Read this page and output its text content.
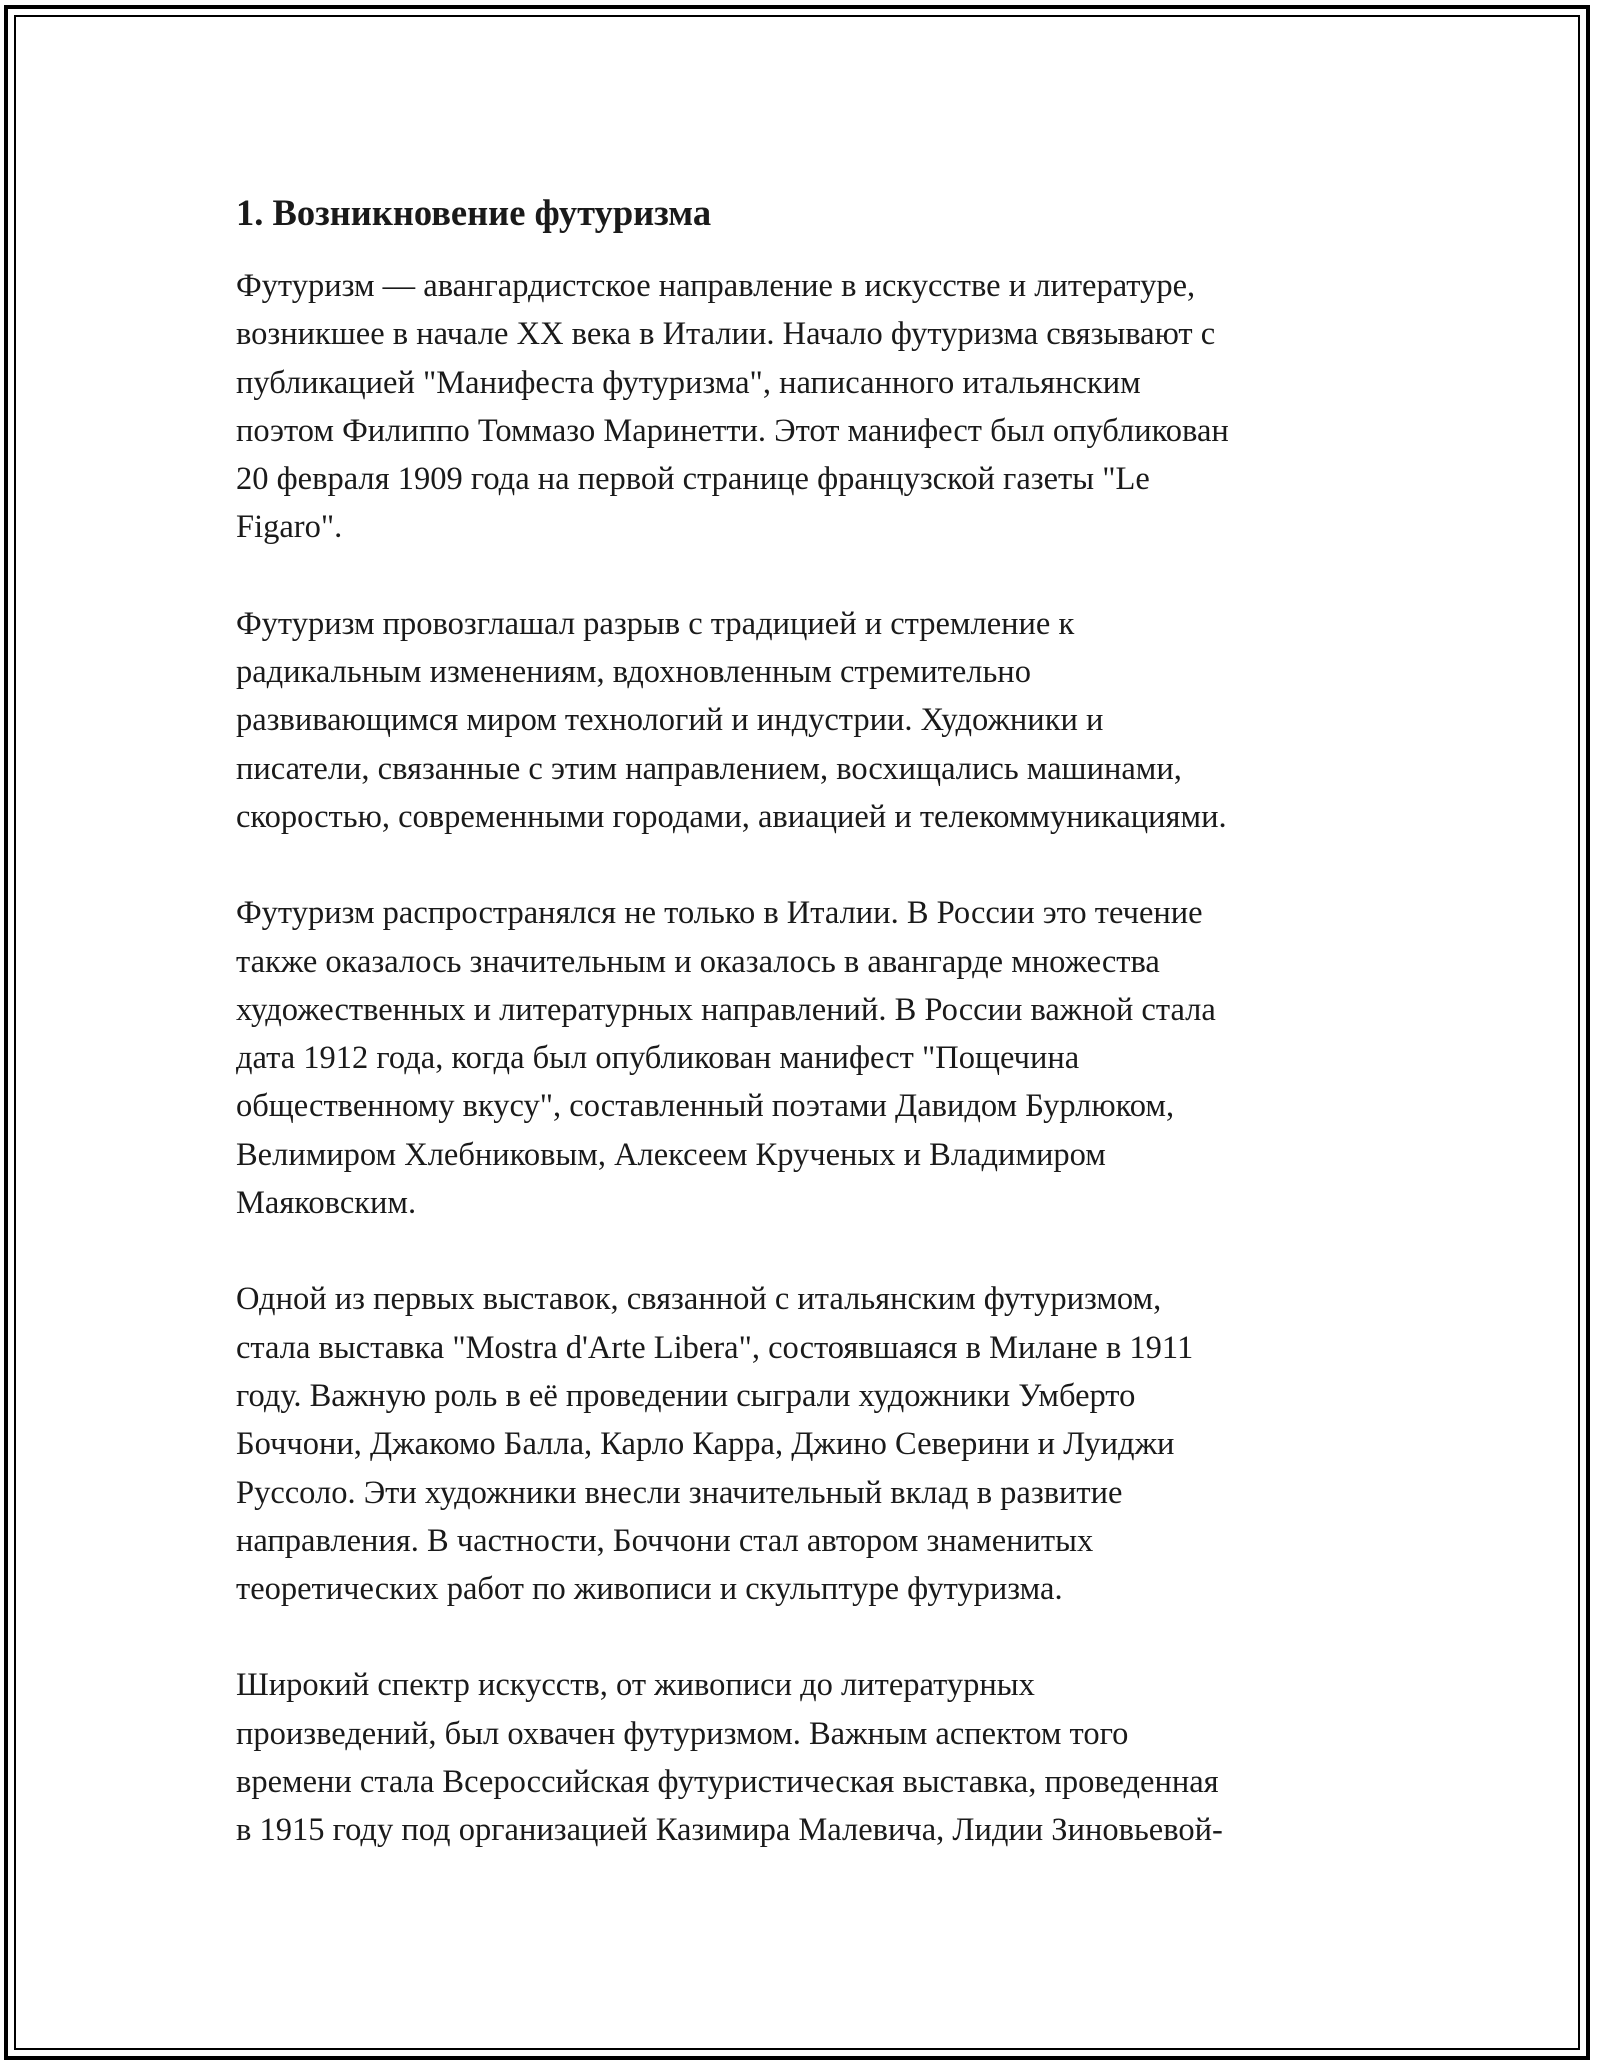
1. Возникновение футуризма

Футуризм — авангардистское направление в искусстве и литературе,
возникшее в начале XX века в Италии. Начало футуризма связывают с
публикацией "Манифеста футуризма", написанного итальянским
поэтом Филиппо Томмазо Маринетти. Этот манифест был опубликован
20 февраля 1909 года на первой странице французской газеты "Le
Figaro".

Футуризм провозглашал разрыв с традицией и стремление к
радикальным изменениям, вдохновленным стремительно
развивающимся миром технологий и индустрии. Художники и
писатели, связанные с этим направлением, восхищались машинами,
скоростью, современными городами, авиацией и телекоммуникациями.

Футуризм распространялся не только в Италии. В России это течение
также оказалось значительным и оказалось в авангарде множества
художественных и литературных направлений. В России важной стала
дата 1912 года, когда был опубликован манифест "Пощечина
общественному вкусу", составленный поэтами Давидом Бурлюком,
Велимиром Хлебниковым, Алексеем Крученых и Владимиром
Маяковским.

Одной из первых выставок, связанной с итальянским футуризмом,
стала выставка "Mostra d'Arte Libera", состоявшаяся в Милане в 1911
году. Важную роль в её проведении сыграли художники Умберто
Боччони, Джакомо Балла, Карло Карра, Джино Северини и Луиджи
Руссоло. Эти художники внесли значительный вклад в развитие
направления. В частности, Боччони стал автором знаменитых
теоретических работ по живописи и скульптуре футуризма.

Широкий спектр искусств, от живописи до литературных
произведений, был охвачен футуризмом. Важным аспектом того
времени стала Всероссийская футуристическая выставка, проведенная
в 1915 году под организацией Казимира Малевича, Лидии Зиновьевой-
